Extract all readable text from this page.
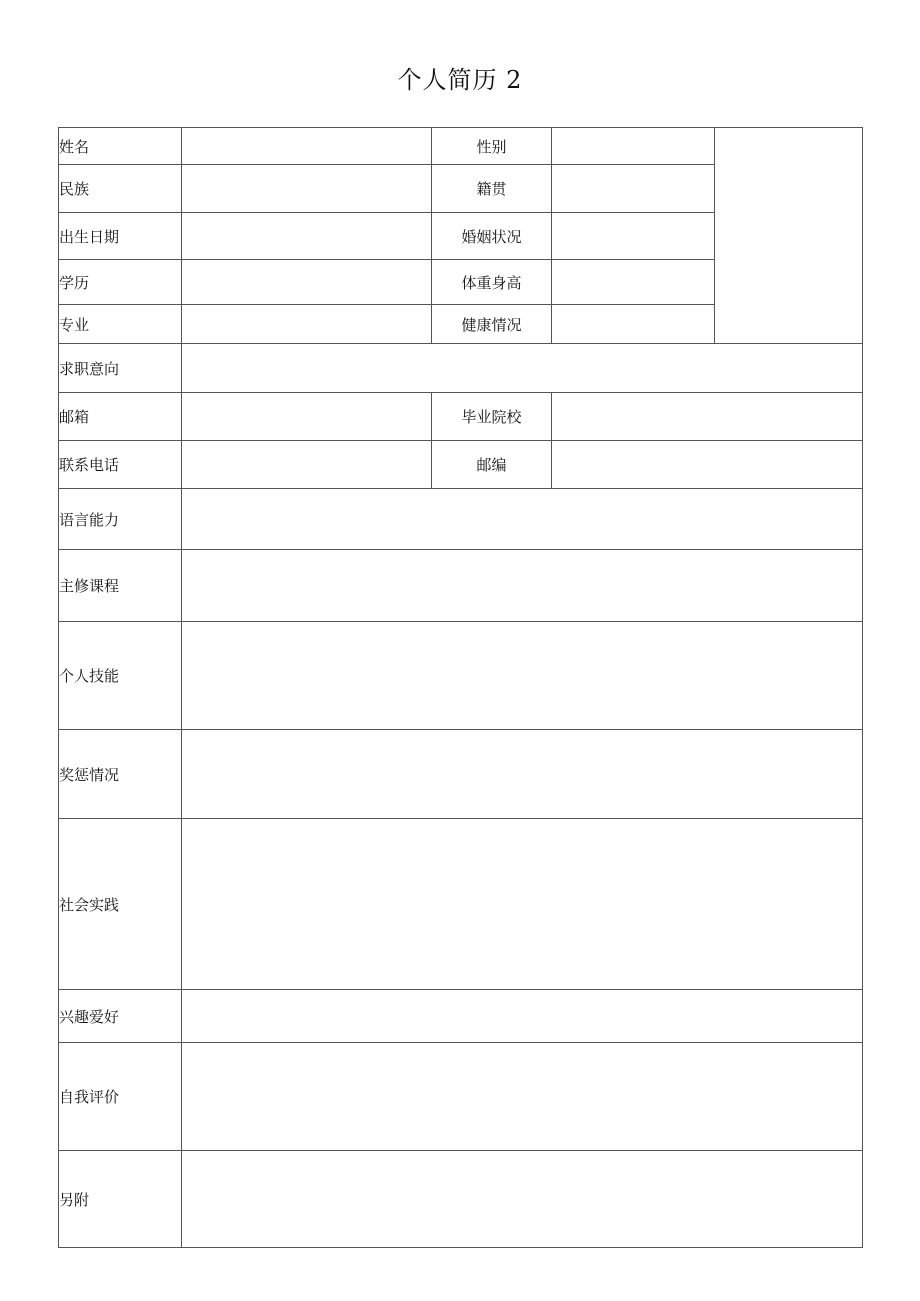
个人简历 2
姓名		性别		
民族		籍贯		
出生日期		婚姻状况		
学历		体重身高		
专业		健康情况		
求职意向				
邮箱		毕业院校		
联系电话		邮编		
语言能力				
主修课程				
个人技能				
奖惩情况				
社会实践				
兴趣爱好				
自我评价				
另附				
